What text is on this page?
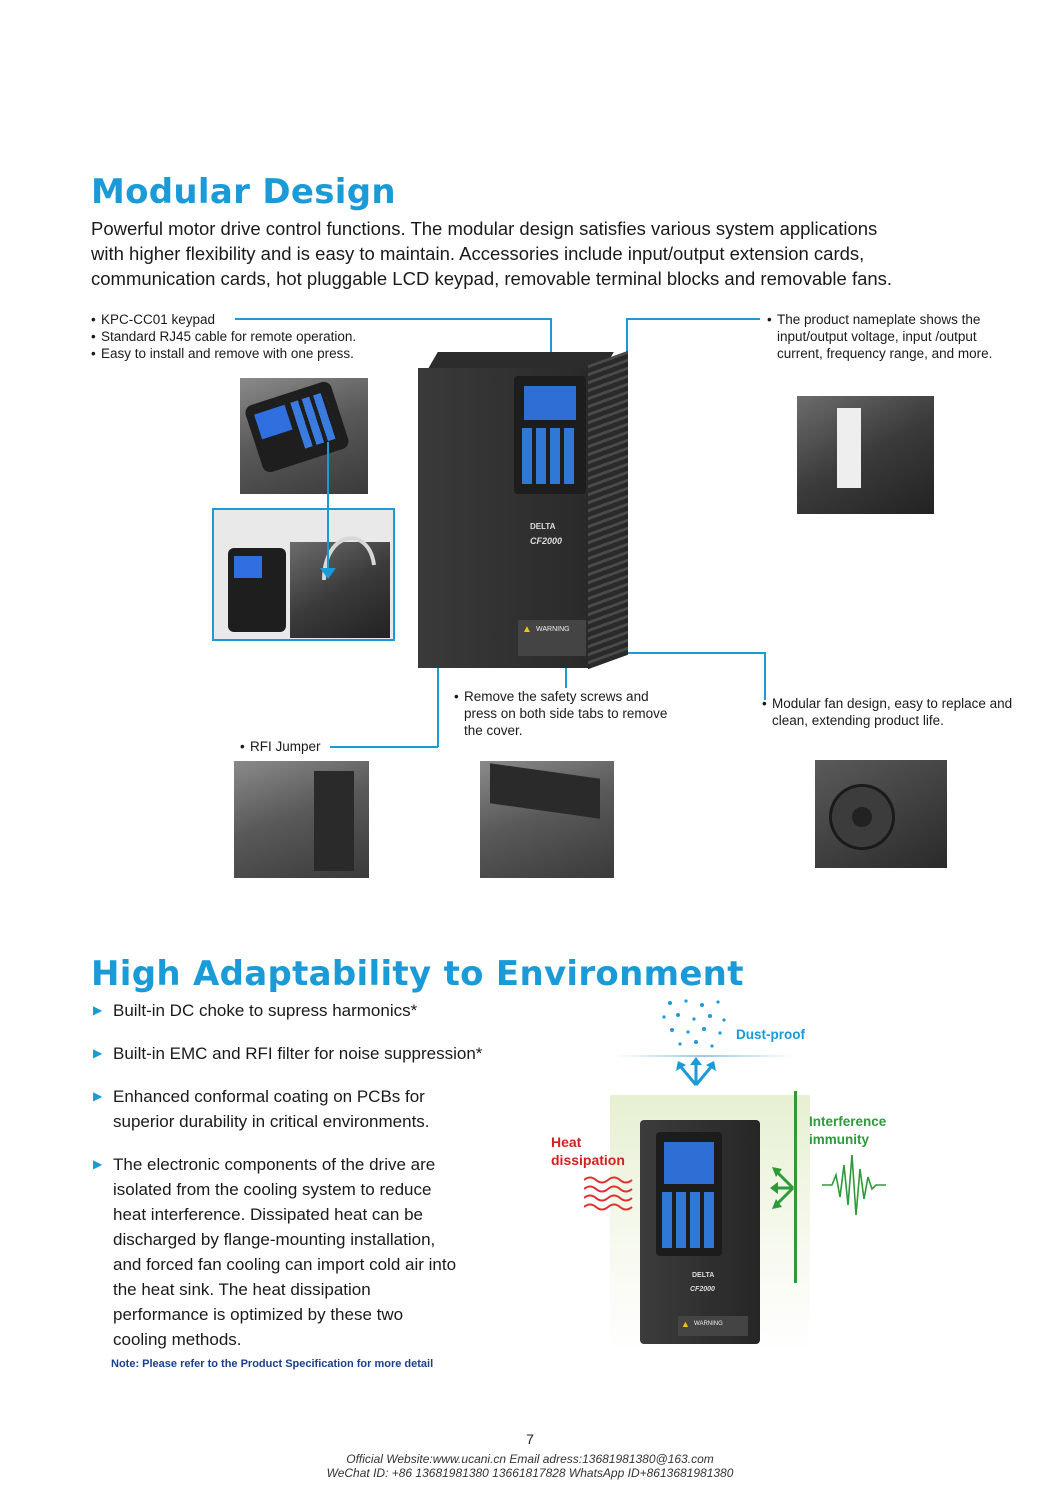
Modular Design
Powerful motor drive control functions. The modular design satisfies various system applications
with higher flexibility and is easy to maintain. Accessories include input/output extension cards,
communication cards, hot pluggable LCD keypad, removable terminal blocks and removable fans.
• KPC-CC01 keypad
• Standard RJ45 cable for remote operation.
• Easy to install and remove with one press.
• The product nameplate shows the input/output voltage, input /output current, frequency range, and more.
DELTA
CF2000
▲ WARNING
• RFI Jumper
• Remove the safety screws and press on both side tabs to remove the cover.
• Modular fan design, easy to replace and clean, extending product life.
High Adaptability to Environment
▶ Built-in DC choke to supress harmonics*
▶ Built-in EMC and RFI filter for noise suppression*
▶ Enhanced conformal coating on PCBs for superior durability in critical environments.
▶ The electronic components of the drive are isolated from the cooling system to reduce heat interference. Dissipated heat can be discharged by flange-mounting installation, and forced fan cooling can import cold air into the heat sink. The heat dissipation performance is optimized by these two cooling methods.
Note: Please refer to the Product Specification for more detail
Dust-proof
DELTA
CF2000
▲ WARNING
Heat
dissipation
Interference
immunity
7
Official Website:www.ucani.cn Email adress:13681981380@163.com
WeChat ID: +86 13681981380 13661817828 WhatsApp ID+8613681981380
